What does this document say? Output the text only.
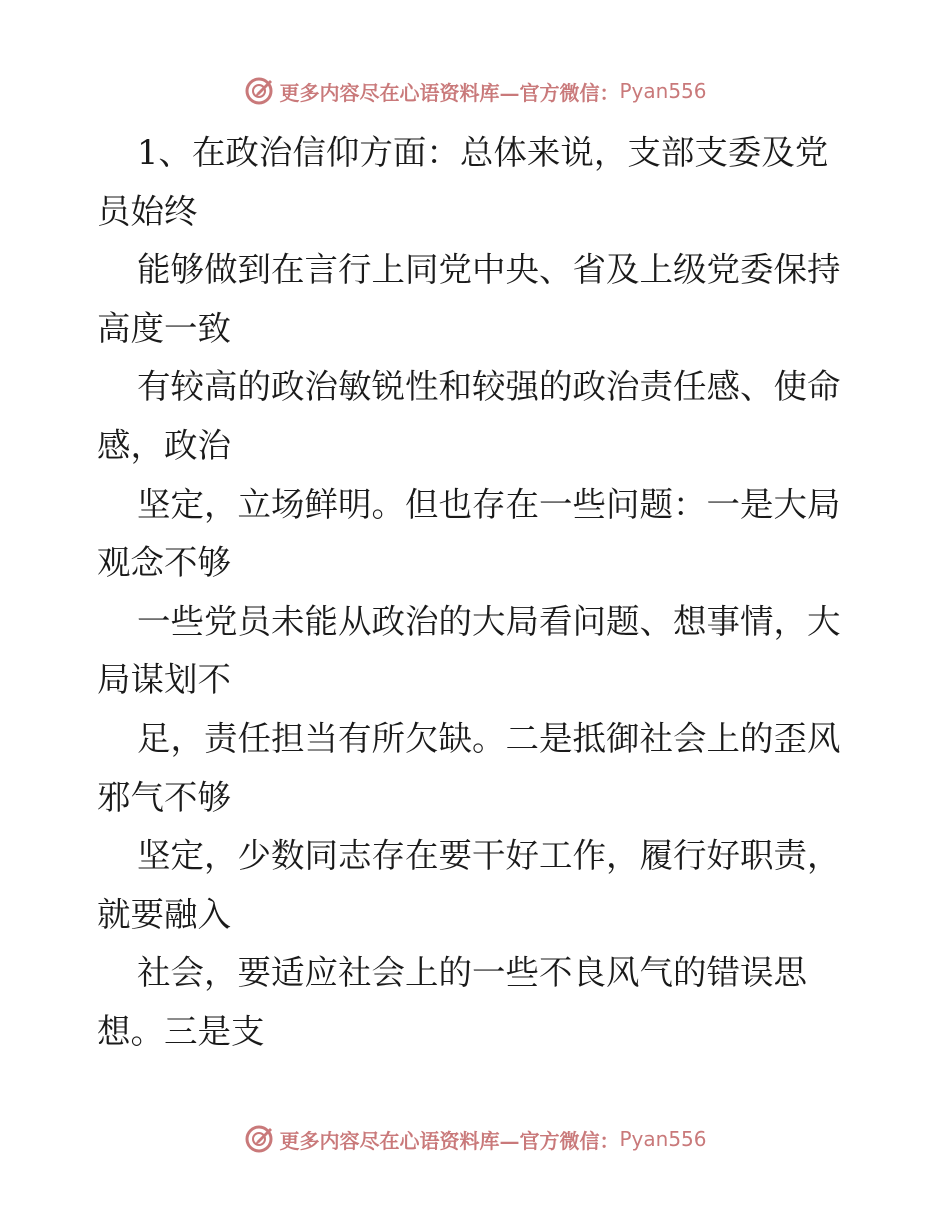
更多内容尽在心语资料库—官方微信： Pyan556
1、在政治信仰方面：总体来说，支部支委及党
员始终
能够做到在言行上同党中央、省及上级党委保持
高度一致
有较高的政治敏锐性和较强的政治责任感、使命
感，政治
坚定，立场鲜明。但也存在一些问题：一是大局
观念不够
一些党员未能从政治的大局看问题、想事情，大
局谋划不
足，责任担当有所欠缺。二是抵御社会上的歪风
邪气不够
坚定，少数同志存在要干好工作，履行好职责，
就要融入
社会，要适应社会上的一些不良风气的错误思
想。三是支
更多内容尽在心语资料库—官方微信： Pyan556
